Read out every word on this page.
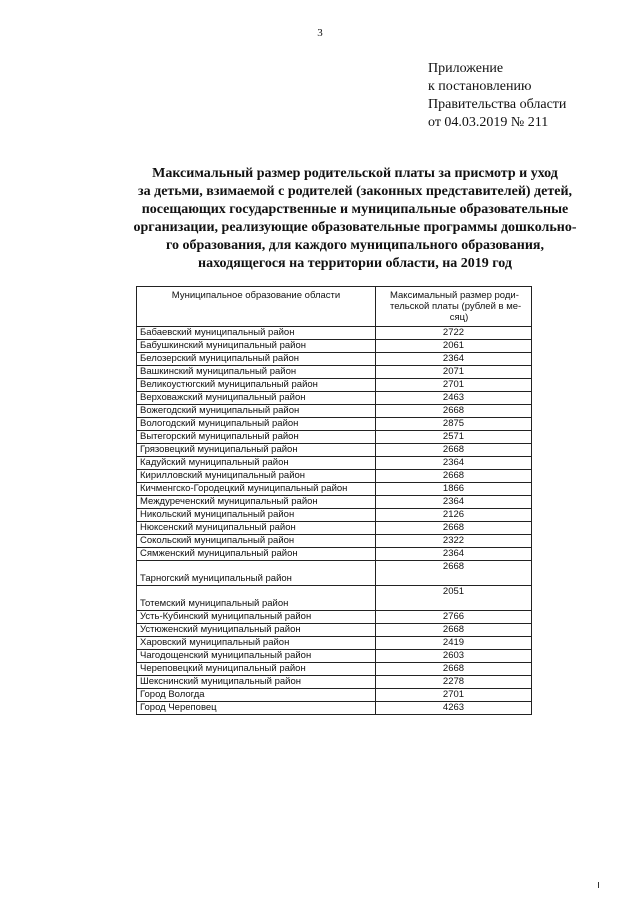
3
Приложение
к постановлению
Правительства области
от 04.03.2019 № 211
Максимальный размер родительской платы за присмотр и уход
за детьми, взимаемой с родителей (законных представителей) детей,
посещающих государственные и муниципальные образовательные
организации, реализующие образовательные программы дошкольно-
го образования, для каждого муниципального образования,
находящегося на территории области, на 2019 год
Муниципальное образование области	Максимальный размер роди-
тельской платы (рублей в ме-
сяц)

Бабаевский муниципальный район	2722
Бабушкинский муниципальный район	2061
Белозерский муниципальный район	2364
Вашкинский муниципальный район	2071
Великоустюгский муниципальный район	2701
Верховажский муниципальный район	2463
Вожегодский муниципальный район	2668
Вологодский муниципальный район	2875
Вытегорский муниципальный район	2571
Грязовецкий муниципальный район	2668
Кадуйский муниципальный район	2364
Кирилловский муниципальный район	2668
Кичменгско-Городецкий муниципальный район	1866
Междуреченский муниципальный район	2364
Никольский муниципальный район	2126
Нюксенский муниципальный район	2668
Сокольский муниципальный район	2322
Сямженский муниципальный район	2364
Тарногский муниципальный район	2668
Тотемский муниципальный район	2051
Усть-Кубинский муниципальный район	2766
Устюженский муниципальный район	2668
Харовский муниципальный район	2419
Чагодощенский муниципальный район	2603
Череповецкий муниципальный район	2668
Шекснинский муниципальный район	2278
Город Вологда	2701
Город Череповец	4263
